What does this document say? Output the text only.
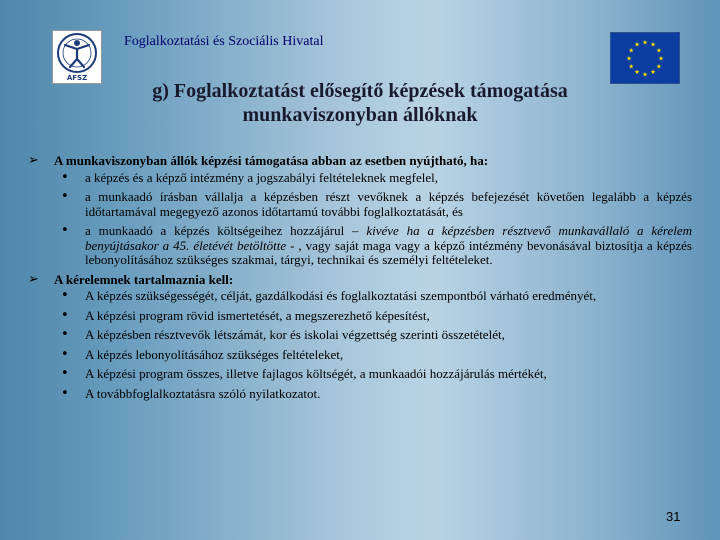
ÁFSZ
Foglalkoztatási és Szociális Hivatal	★ ★
★
★
★
★
★
★
★
★
★
★
g) Foglalkoztatást elősegítő képzések támogatása
munkaviszonyban állóknak
➢ A munkaviszonyban állók képzési támogatása abban az esetben nyújtható, ha:
• a képzés és a képző intézmény a jogszabályi feltételeknek megfelel,
• a munkaadó írásban vállalja a képzésben részt vevőknek a képzés befejezését követően legalább a képzés időtartamával megegyező azonos időtartamú további foglalkoztatását, és
• a munkaadó a képzés költségeihez hozzájárul – kivéve ha a képzésben résztvevő munkavállaló a kérelem benyújtásakor a 45. életévét betöltötte - , vagy saját maga vagy a képző intézmény bevonásával biztosítja a képzés lebonyolításához szükséges szakmai, tárgyi, technikai és személyi feltételeket.
➢ A kérelemnek tartalmaznia kell:
• A képzés szükségességét, célját, gazdálkodási és foglalkoztatási szempontból várható eredményét,
• A képzési program rövid ismertetését, a megszerezhető képesítést,
• A képzésben résztvevők létszámát, kor és iskolai végzettség szerinti összetételét,
• A képzés lebonyolításához szükséges feltételeket,
• A képzési program összes, illetve fajlagos költségét, a munkaadói hozzájárulás mértékét,
• A továbbfoglalkoztatásra szóló nyilatkozatot.
31
